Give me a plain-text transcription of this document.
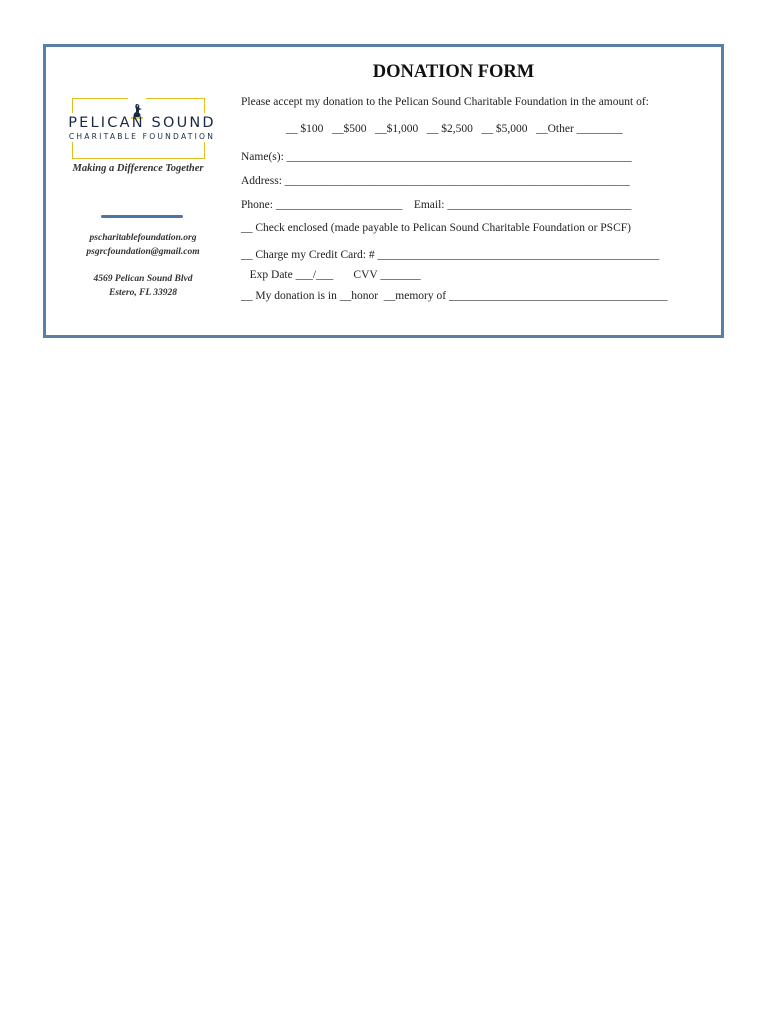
PELICAN SOUND
CHARITABLE FOUNDATION
Making a Difference Together
pscharitablefoundation.org
psgrcfoundation@gmail.com
4569 Pelican Sound Blvd
Estero, FL 33928
DONATION FORM
Please accept my donation to the Pelican Sound Charitable Foundation in the amount of:
__ $100   __$500   __$1,000   __ $2,500   __ $5,000   __Other ________
Name(s): ____________________________________________________________
Address: ____________________________________________________________
Phone: ______________________    Email: ________________________________
__ Check enclosed (made payable to Pelican Sound Charitable Foundation or PSCF)
__ Charge my Credit Card: # _________________________________________________
Exp Date ___/___       CVV _______
__ My donation is in __honor  __memory of ______________________________________
